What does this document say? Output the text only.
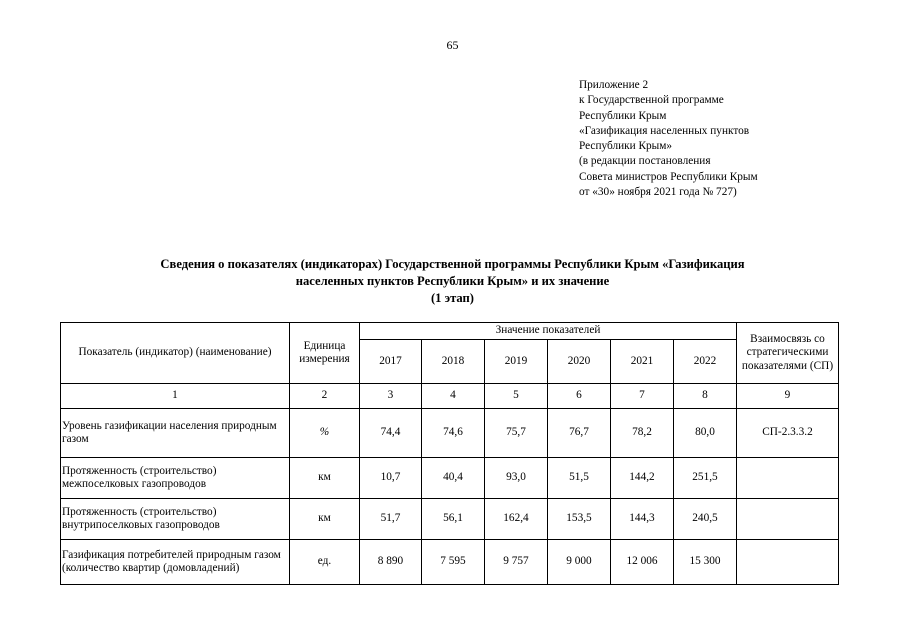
65
Приложение 2
к Государственной программе
Республики Крым
«Газификация населенных пунктов
Республики Крым»
(в редакции постановления
Совета министров Республики Крым
от «30» ноября 2021 года № 727)
Сведения о показателях (индикаторах) Государственной программы Республики Крым «Газификация
населенных пунктов Республики Крым» и их значение
(1 этап)
Показатель (индикатор) (наименование)	Единица измерения	Значение показателей						Взаимосвязь со стратегическими показателями (СП)
		2017	2018	2019	2020	2021	2022	
1	2	3	4	5	6	7	8	9
Уровень газификации населения природным газом	%	74,4	74,6	75,7	76,7	78,2	80,0	СП-2.3.3.2
Протяженность (строительство) межпоселковых газопроводов	км	10,7	40,4	93,0	51,5	144,2	251,5	
Протяженность (строительство) внутрипоселковых газопроводов	км	51,7	56,1	162,4	153,5	144,3	240,5	
Газификация потребителей природным газом (количество квартир (домовладений)	ед.	8 890	7 595	9 757	9 000	12 006	15 300	
